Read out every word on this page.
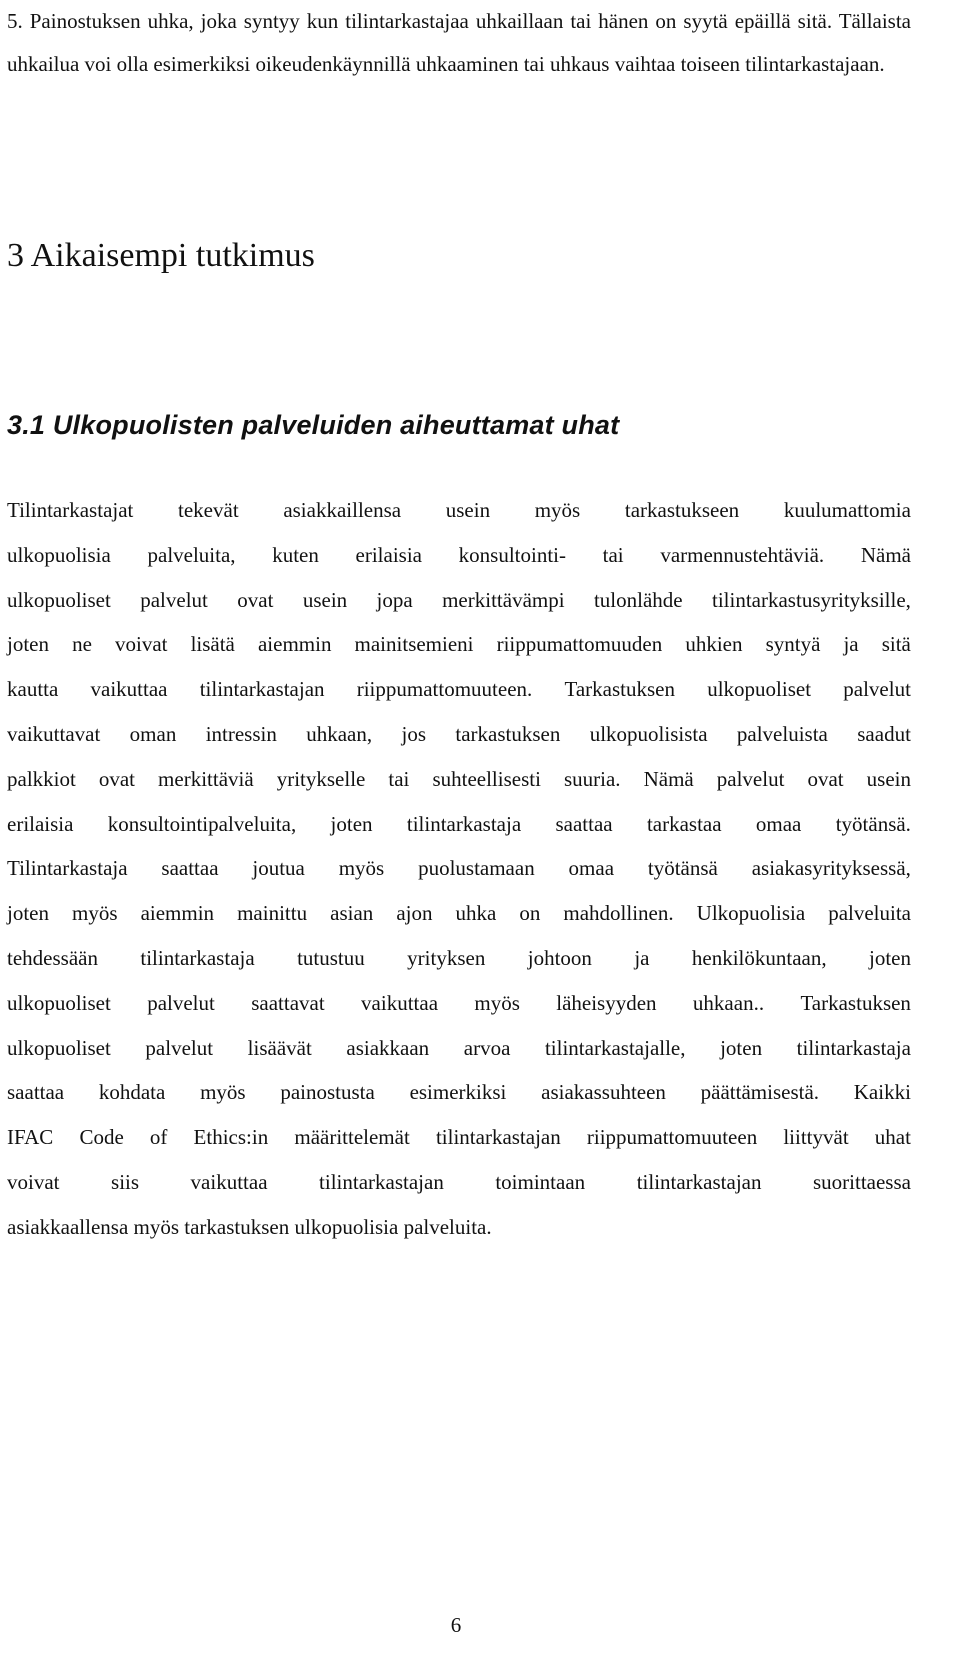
5. Painostuksen uhka, joka syntyy kun tilintarkastajaa uhkaillaan tai hänen on syytä epäillä sitä. Tällaista uhkailua voi olla esimerkiksi oikeudenkäynnillä uhkaaminen tai uhkaus vaihtaa toiseen tilintarkastajaan.
3 Aikaisempi tutkimus
3.1 Ulkopuolisten palveluiden aiheuttamat uhat
Tilintarkastajat tekevät asiakkaillensa usein myös tarkastukseen kuulumattomia
ulkopuolisia palveluita, kuten erilaisia konsultointi- tai varmennustehtäviä. Nämä
ulkopuoliset palvelut ovat usein jopa merkittävämpi tulonlähde tilintarkastusyrityksille,
joten ne voivat lisätä aiemmin mainitsemieni riippumattomuuden uhkien syntyä ja sitä
kautta vaikuttaa tilintarkastajan riippumattomuuteen. Tarkastuksen ulkopuoliset palvelut
vaikuttavat oman intressin uhkaan, jos tarkastuksen ulkopuolisista palveluista saadut
palkkiot ovat merkittäviä yritykselle tai suhteellisesti suuria. Nämä palvelut ovat usein
erilaisia konsultointipalveluita, joten tilintarkastaja saattaa tarkastaa omaa työtänsä.
Tilintarkastaja saattaa joutua myös puolustamaan omaa työtänsä asiakasyrityksessä,
joten myös aiemmin mainittu asian ajon uhka on mahdollinen. Ulkopuolisia palveluita
tehdessään tilintarkastaja tutustuu yrityksen johtoon ja henkilökuntaan, joten
ulkopuoliset palvelut saattavat vaikuttaa myös läheisyyden uhkaan.. Tarkastuksen
ulkopuoliset palvelut lisäävät asiakkaan arvoa tilintarkastajalle, joten tilintarkastaja
saattaa kohdata myös painostusta esimerkiksi asiakassuhteen päättämisestä. Kaikki
IFAC Code of Ethics:in määrittelemät tilintarkastajan riippumattomuuteen liittyvät uhat
voivat siis vaikuttaa tilintarkastajan toimintaan tilintarkastajan suorittaessa
asiakkaallensa myös tarkastuksen ulkopuolisia palveluita.
6
